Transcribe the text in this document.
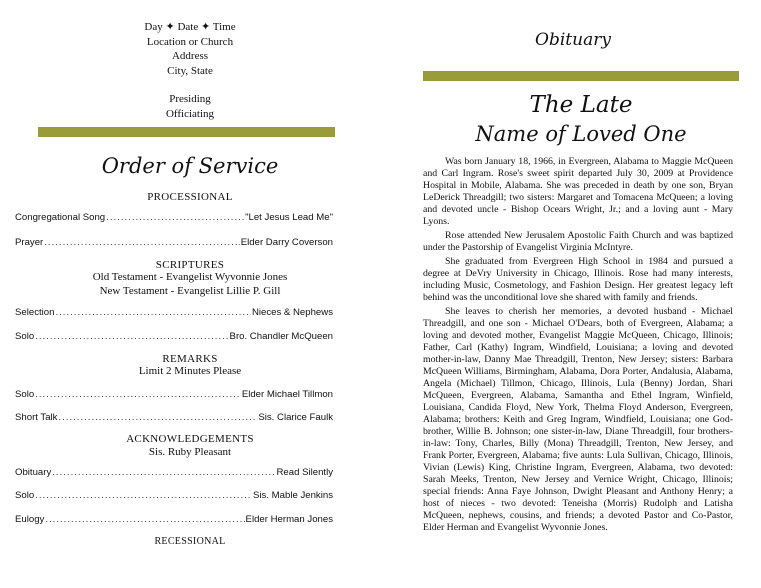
Day ✦ Date ✦ Time
Location or Church
Address
City, State
Presiding
Officiating
Order of Service
PROCESSIONAL
Congregational Song .....	"Let Jesus Lead Me"
Prayer .....	Elder Darry Coverson
SCRIPTURES
Old Testament - Evangelist Wyvonnie Jones
New Testament - Evangelist Lillie P. Gill
Selection .....	Nieces & Nephews
Solo .....	Bro. Chandler McQueen
REMARKS
Limit 2 Minutes Please
Solo .....	Elder Michael Tillmon
Short Talk .....	Sis. Clarice Faulk
ACKNOWLEDGEMENTS
Sis. Ruby Pleasant
Obituary .....	Read Silently
Solo .....	Sis. Mable Jenkins
Eulogy .....	Elder Herman Jones
RECESSIONAL
Obituary
The Late
Name of Loved One

Was born January 18, 1966, in Evergreen, Alabama to Maggie McQueen and Carl Ingram. Rose's sweet spirit departed July 30, 2009 at Providence Hospital in Mobile, Alabama. She was preceded in death by one son, Bryan LeDerick Threadgill; two sisters: Margaret and Tomacena McQueen; a loving and devoted uncle - Bishop Ocears Wright, Jr.; and a loving aunt - Mary Lyons.

Rose attended New Jerusalem Apostolic Faith Church and was baptized under the Pastorship of Evangelist Virginia McIntyre.

She graduated from Evergreen High School in 1984 and pursued a degree at DeVry University in Chicago, Illinois. Rose had many interests, including Music, Cosmetology, and Fashion Design. Her greatest legacy left behind was the unconditional love she shared with family and friends.

She leaves to cherish her memories, a devoted husband - Michael Threadgill, and one son - Michael O'Dears, both of Evergreen, Alabama; a loving and devoted mother, Evangelist Maggie McQueen, Chicago, Illinois; Father, Carl (Kathy) Ingram, Windfield, Louisiana; a loving and devoted mother-in-law, Danny Mae Threadgill, Trenton, New Jersey; sisters: Barbara McQueen Williams, Birmingham, Alabama, Dora Porter, Andalusia, Alabama, Angela (Michael) Tillmon, Chicago, Illinois, Lula (Benny) Jordan, Shari McQueen, Evergreen, Alabama, Samantha and Ethel Ingram, Winfield, Louisiana, Candida Floyd, New York, Thelma Floyd Anderson, Evergreen, Alabama; brothers: Keith and Greg Ingram, Windfield, Louisiana; one God-brother, Willie B. Johnson; one sister-in-law, Diane Threadgill, four brothers-in-law: Tony, Charles, Billy (Mona) Threadgill, Trenton, New Jersey, and Frank Porter, Evergreen, Alabama; five aunts: Lula Sullivan, Chicago, Illinois, Vivian (Lewis) King, Christine Ingram, Evergreen, Alabama, two devoted: Sarah Meeks, Trenton, New Jersey and Vernice Wright, Chicago, Illinois; special friends: Anna Faye Johnson, Dwight Pleasant and Anthony Henry; a host of nieces - two devoted: Teneisha (Morris) Rudolph and Latisha McQueen, nephews, cousins, and friends; a devoted Pastor and Co-Pastor, Elder Herman and Evangelist Wyvonnie Jones.
